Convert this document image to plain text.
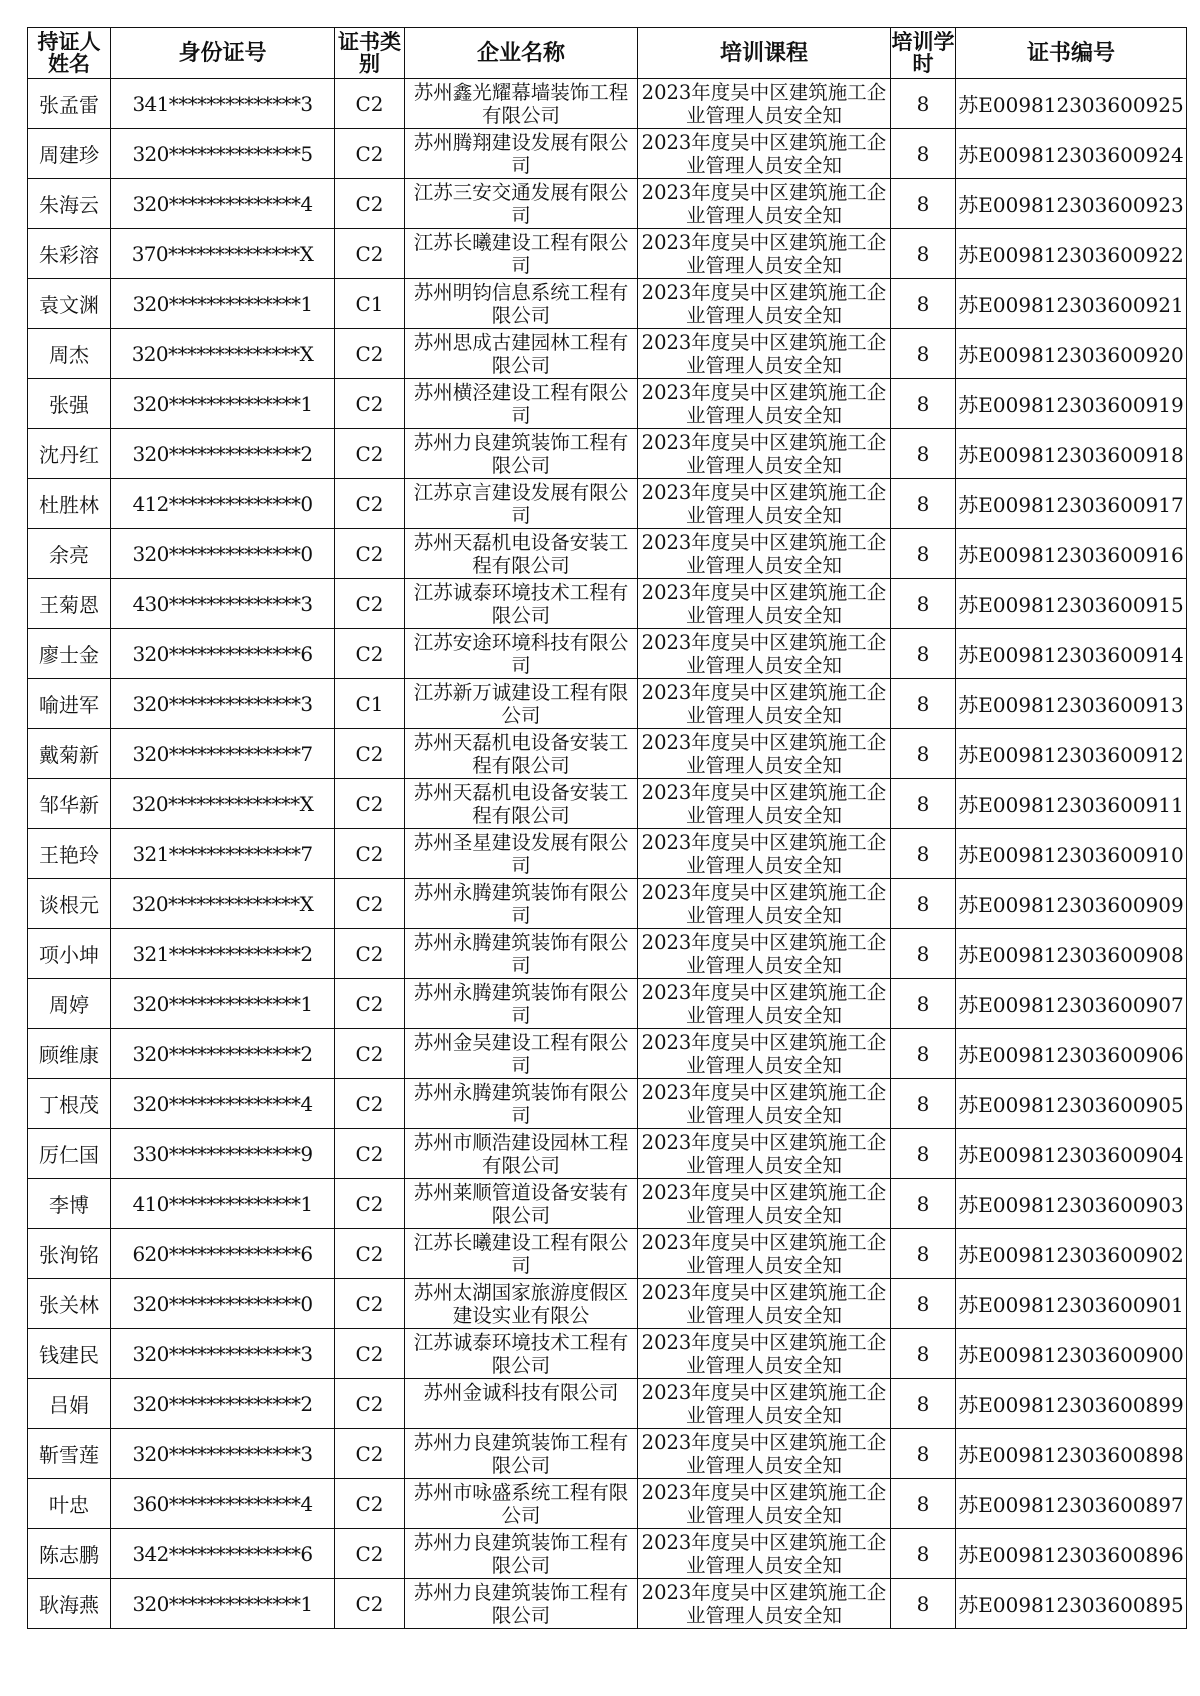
持证人姓名	身份证号	证书类别	企业名称	培训课程	培训学时	证书编号
张孟雷	341**************3	C2	苏州鑫光耀幕墙装饰工程有限公司	2023年度吴中区建筑施工企业管理人员安全知	8	苏E009812303600925
周建珍	320**************5	C2	苏州腾翔建设发展有限公司	2023年度吴中区建筑施工企业管理人员安全知	8	苏E009812303600924
朱海云	320**************4	C2	江苏三安交通发展有限公司	2023年度吴中区建筑施工企业管理人员安全知	8	苏E009812303600923
朱彩溶	370**************X	C2	江苏长曦建设工程有限公司	2023年度吴中区建筑施工企业管理人员安全知	8	苏E009812303600922
袁文渊	320**************1	C1	苏州明钧信息系统工程有限公司	2023年度吴中区建筑施工企业管理人员安全知	8	苏E009812303600921
周杰	320**************X	C2	苏州思成古建园林工程有限公司	2023年度吴中区建筑施工企业管理人员安全知	8	苏E009812303600920
张强	320**************1	C2	苏州横泾建设工程有限公司	2023年度吴中区建筑施工企业管理人员安全知	8	苏E009812303600919
沈丹红	320**************2	C2	苏州力良建筑装饰工程有限公司	2023年度吴中区建筑施工企业管理人员安全知	8	苏E009812303600918
杜胜林	412**************0	C2	江苏京言建设发展有限公司	2023年度吴中区建筑施工企业管理人员安全知	8	苏E009812303600917
余亮	320**************0	C2	苏州天磊机电设备安装工程有限公司	2023年度吴中区建筑施工企业管理人员安全知	8	苏E009812303600916
王菊恩	430**************3	C2	江苏诚泰环境技术工程有限公司	2023年度吴中区建筑施工企业管理人员安全知	8	苏E009812303600915
廖士金	320**************6	C2	江苏安途环境科技有限公司	2023年度吴中区建筑施工企业管理人员安全知	8	苏E009812303600914
喻进军	320**************3	C1	江苏新万诚建设工程有限公司	2023年度吴中区建筑施工企业管理人员安全知	8	苏E009812303600913
戴菊新	320**************7	C2	苏州天磊机电设备安装工程有限公司	2023年度吴中区建筑施工企业管理人员安全知	8	苏E009812303600912
邹华新	320**************X	C2	苏州天磊机电设备安装工程有限公司	2023年度吴中区建筑施工企业管理人员安全知	8	苏E009812303600911
王艳玲	321**************7	C2	苏州圣星建设发展有限公司	2023年度吴中区建筑施工企业管理人员安全知	8	苏E009812303600910
谈根元	320**************X	C2	苏州永腾建筑装饰有限公司	2023年度吴中区建筑施工企业管理人员安全知	8	苏E009812303600909
项小坤	321**************2	C2	苏州永腾建筑装饰有限公司	2023年度吴中区建筑施工企业管理人员安全知	8	苏E009812303600908
周婷	320**************1	C2	苏州永腾建筑装饰有限公司	2023年度吴中区建筑施工企业管理人员安全知	8	苏E009812303600907
顾维康	320**************2	C2	苏州金吴建设工程有限公司	2023年度吴中区建筑施工企业管理人员安全知	8	苏E009812303600906
丁根茂	320**************4	C2	苏州永腾建筑装饰有限公司	2023年度吴中区建筑施工企业管理人员安全知	8	苏E009812303600905
厉仁国	330**************9	C2	苏州市顺浩建设园林工程有限公司	2023年度吴中区建筑施工企业管理人员安全知	8	苏E009812303600904
李博	410**************1	C2	苏州莱顺管道设备安装有限公司	2023年度吴中区建筑施工企业管理人员安全知	8	苏E009812303600903
张洵铭	620**************6	C2	江苏长曦建设工程有限公司	2023年度吴中区建筑施工企业管理人员安全知	8	苏E009812303600902
张关林	320**************0	C2	苏州太湖国家旅游度假区建设实业有限公	2023年度吴中区建筑施工企业管理人员安全知	8	苏E009812303600901
钱建民	320**************3	C2	江苏诚泰环境技术工程有限公司	2023年度吴中区建筑施工企业管理人员安全知	8	苏E009812303600900
吕娟	320**************2	C2	苏州金诚科技有限公司	2023年度吴中区建筑施工企业管理人员安全知	8	苏E009812303600899
靳雪莲	320**************3	C2	苏州力良建筑装饰工程有限公司	2023年度吴中区建筑施工企业管理人员安全知	8	苏E009812303600898
叶忠	360**************4	C2	苏州市咏盛系统工程有限公司	2023年度吴中区建筑施工企业管理人员安全知	8	苏E009812303600897
陈志鹏	342**************6	C2	苏州力良建筑装饰工程有限公司	2023年度吴中区建筑施工企业管理人员安全知	8	苏E009812303600896
耿海燕	320**************1	C2	苏州力良建筑装饰工程有限公司	2023年度吴中区建筑施工企业管理人员安全知	8	苏E009812303600895
